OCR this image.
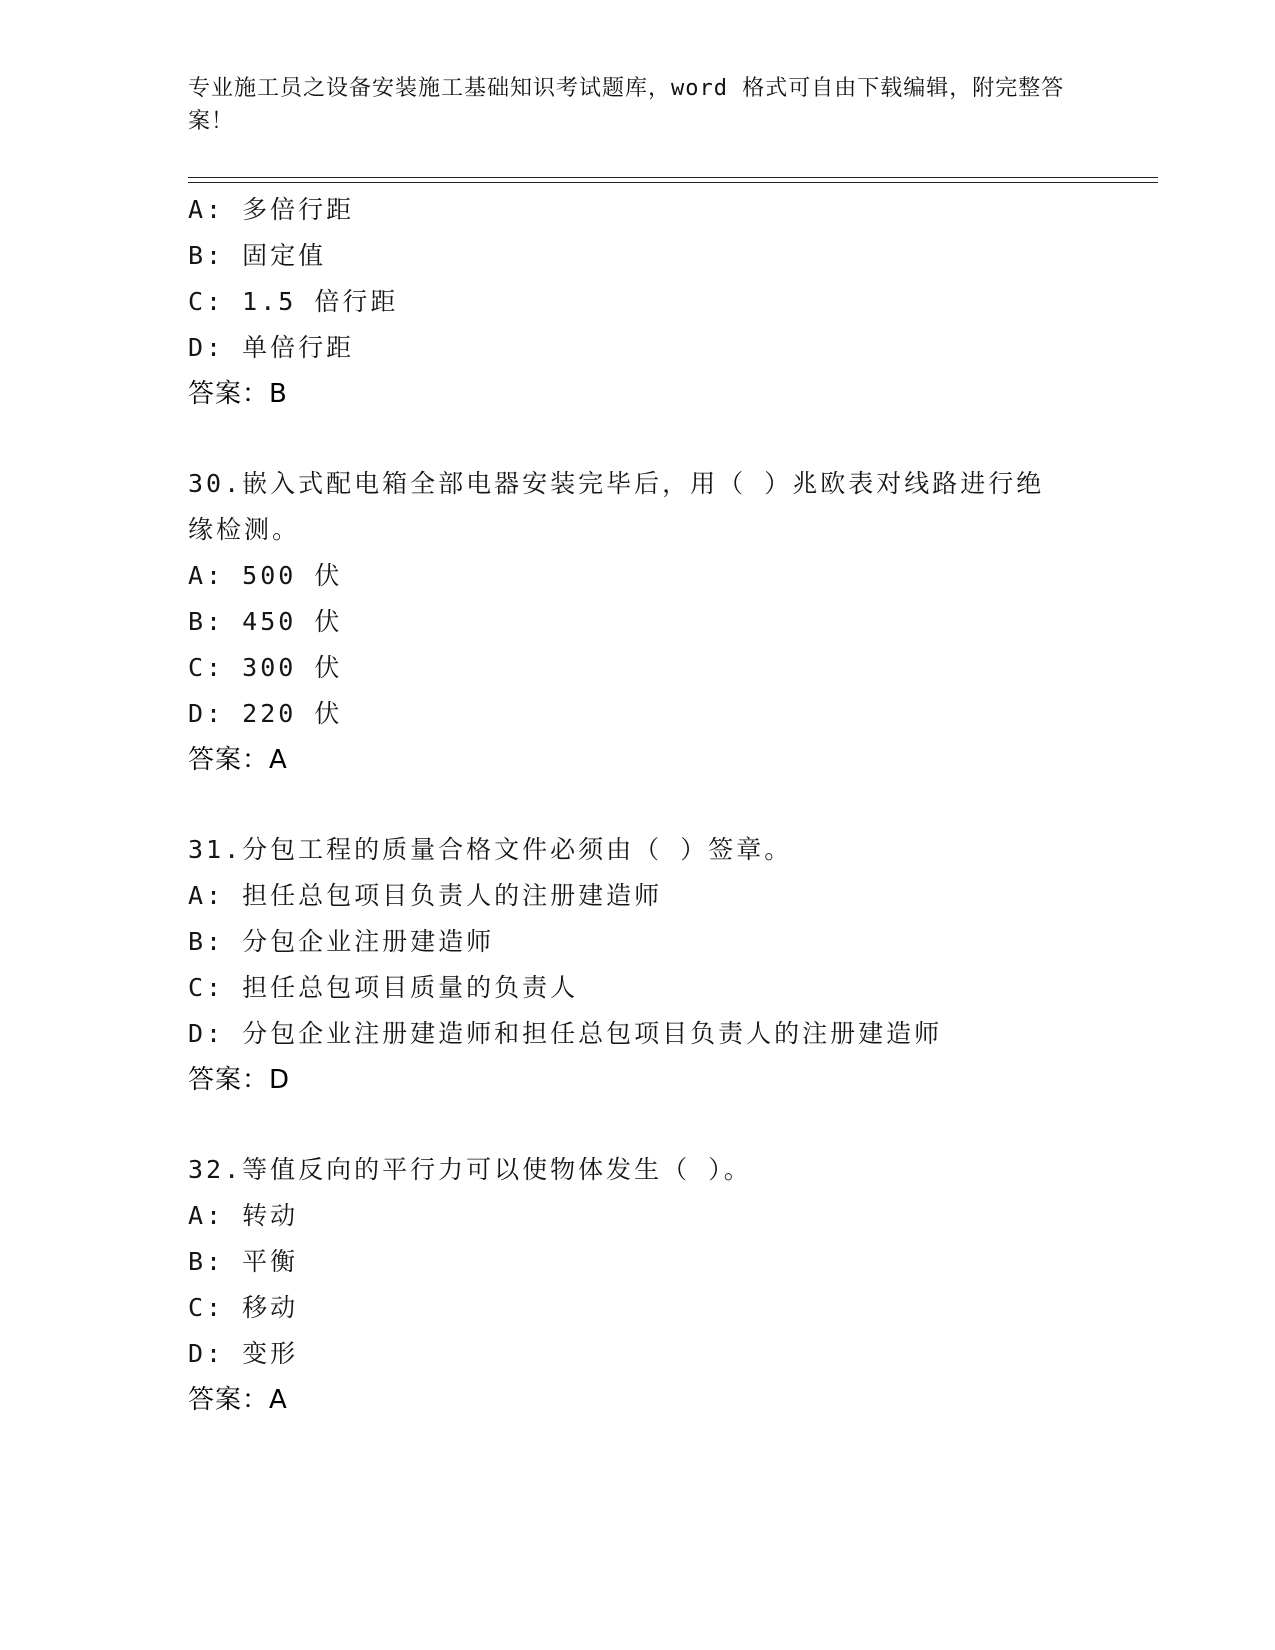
专业施工员之设备安装施工基础知识考试题库，word 格式可自由下载编辑，附完整答案！
A: 多倍行距
B: 固定值
C: 1.5 倍行距
D: 单倍行距
答案：B
30.嵌入式配电箱全部电器安装完毕后，用（ ）兆欧表对线路进行绝缘检测。
A: 500 伏
B: 450 伏
C: 300 伏
D: 220 伏
答案：A
31.分包工程的质量合格文件必须由（ ）签章。
A: 担任总包项目负责人的注册建造师
B: 分包企业注册建造师
C: 担任总包项目质量的负责人
D: 分包企业注册建造师和担任总包项目负责人的注册建造师
答案：D
32.等值反向的平行力可以使物体发生（ ）。
A: 转动
B: 平衡
C: 移动
D: 变形
答案：A
